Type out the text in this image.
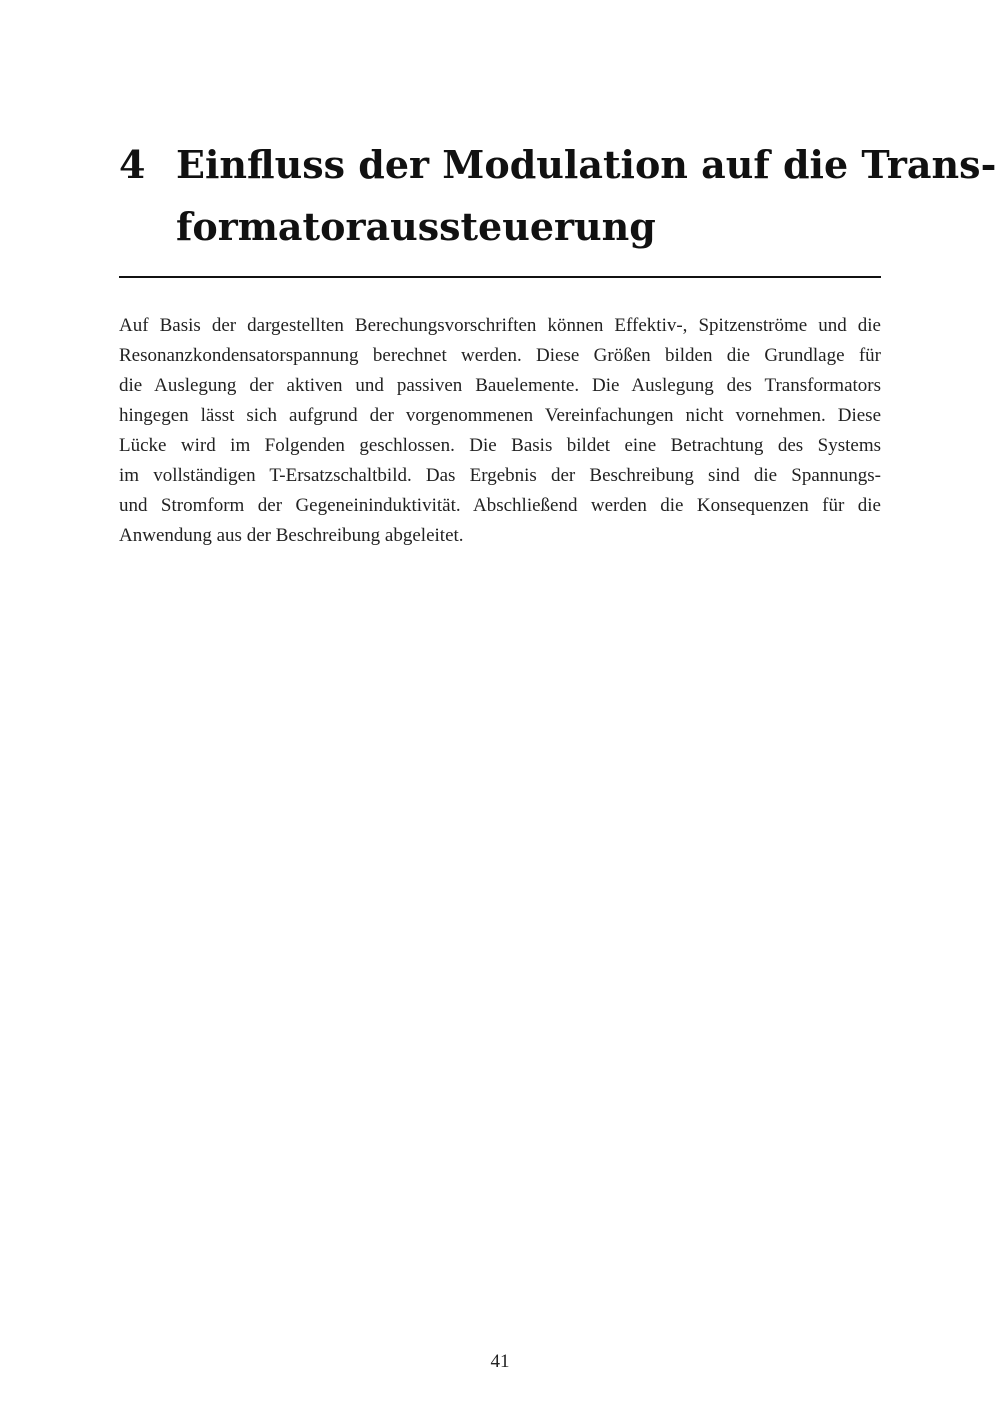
4 Einfluss der Modulation auf die Trans-
formatoraussteuerung
Auf Basis der dargestellten Berechungsvorschriften können Effektiv-, Spitzenströme und die
Resonanzkondensatorspannung berechnet werden. Diese Größen bilden die Grundlage für
die Auslegung der aktiven und passiven Bauelemente. Die Auslegung des Transformators
hingegen lässt sich aufgrund der vorgenommenen Vereinfachungen nicht vornehmen. Diese
Lücke wird im Folgenden geschlossen. Die Basis bildet eine Betrachtung des Systems
im vollständigen T-Ersatzschaltbild. Das Ergebnis der Beschreibung sind die Spannungs-
und Stromform der Gegeneininduktivität. Abschließend werden die Konsequenzen für die
Anwendung aus der Beschreibung abgeleitet.
41
